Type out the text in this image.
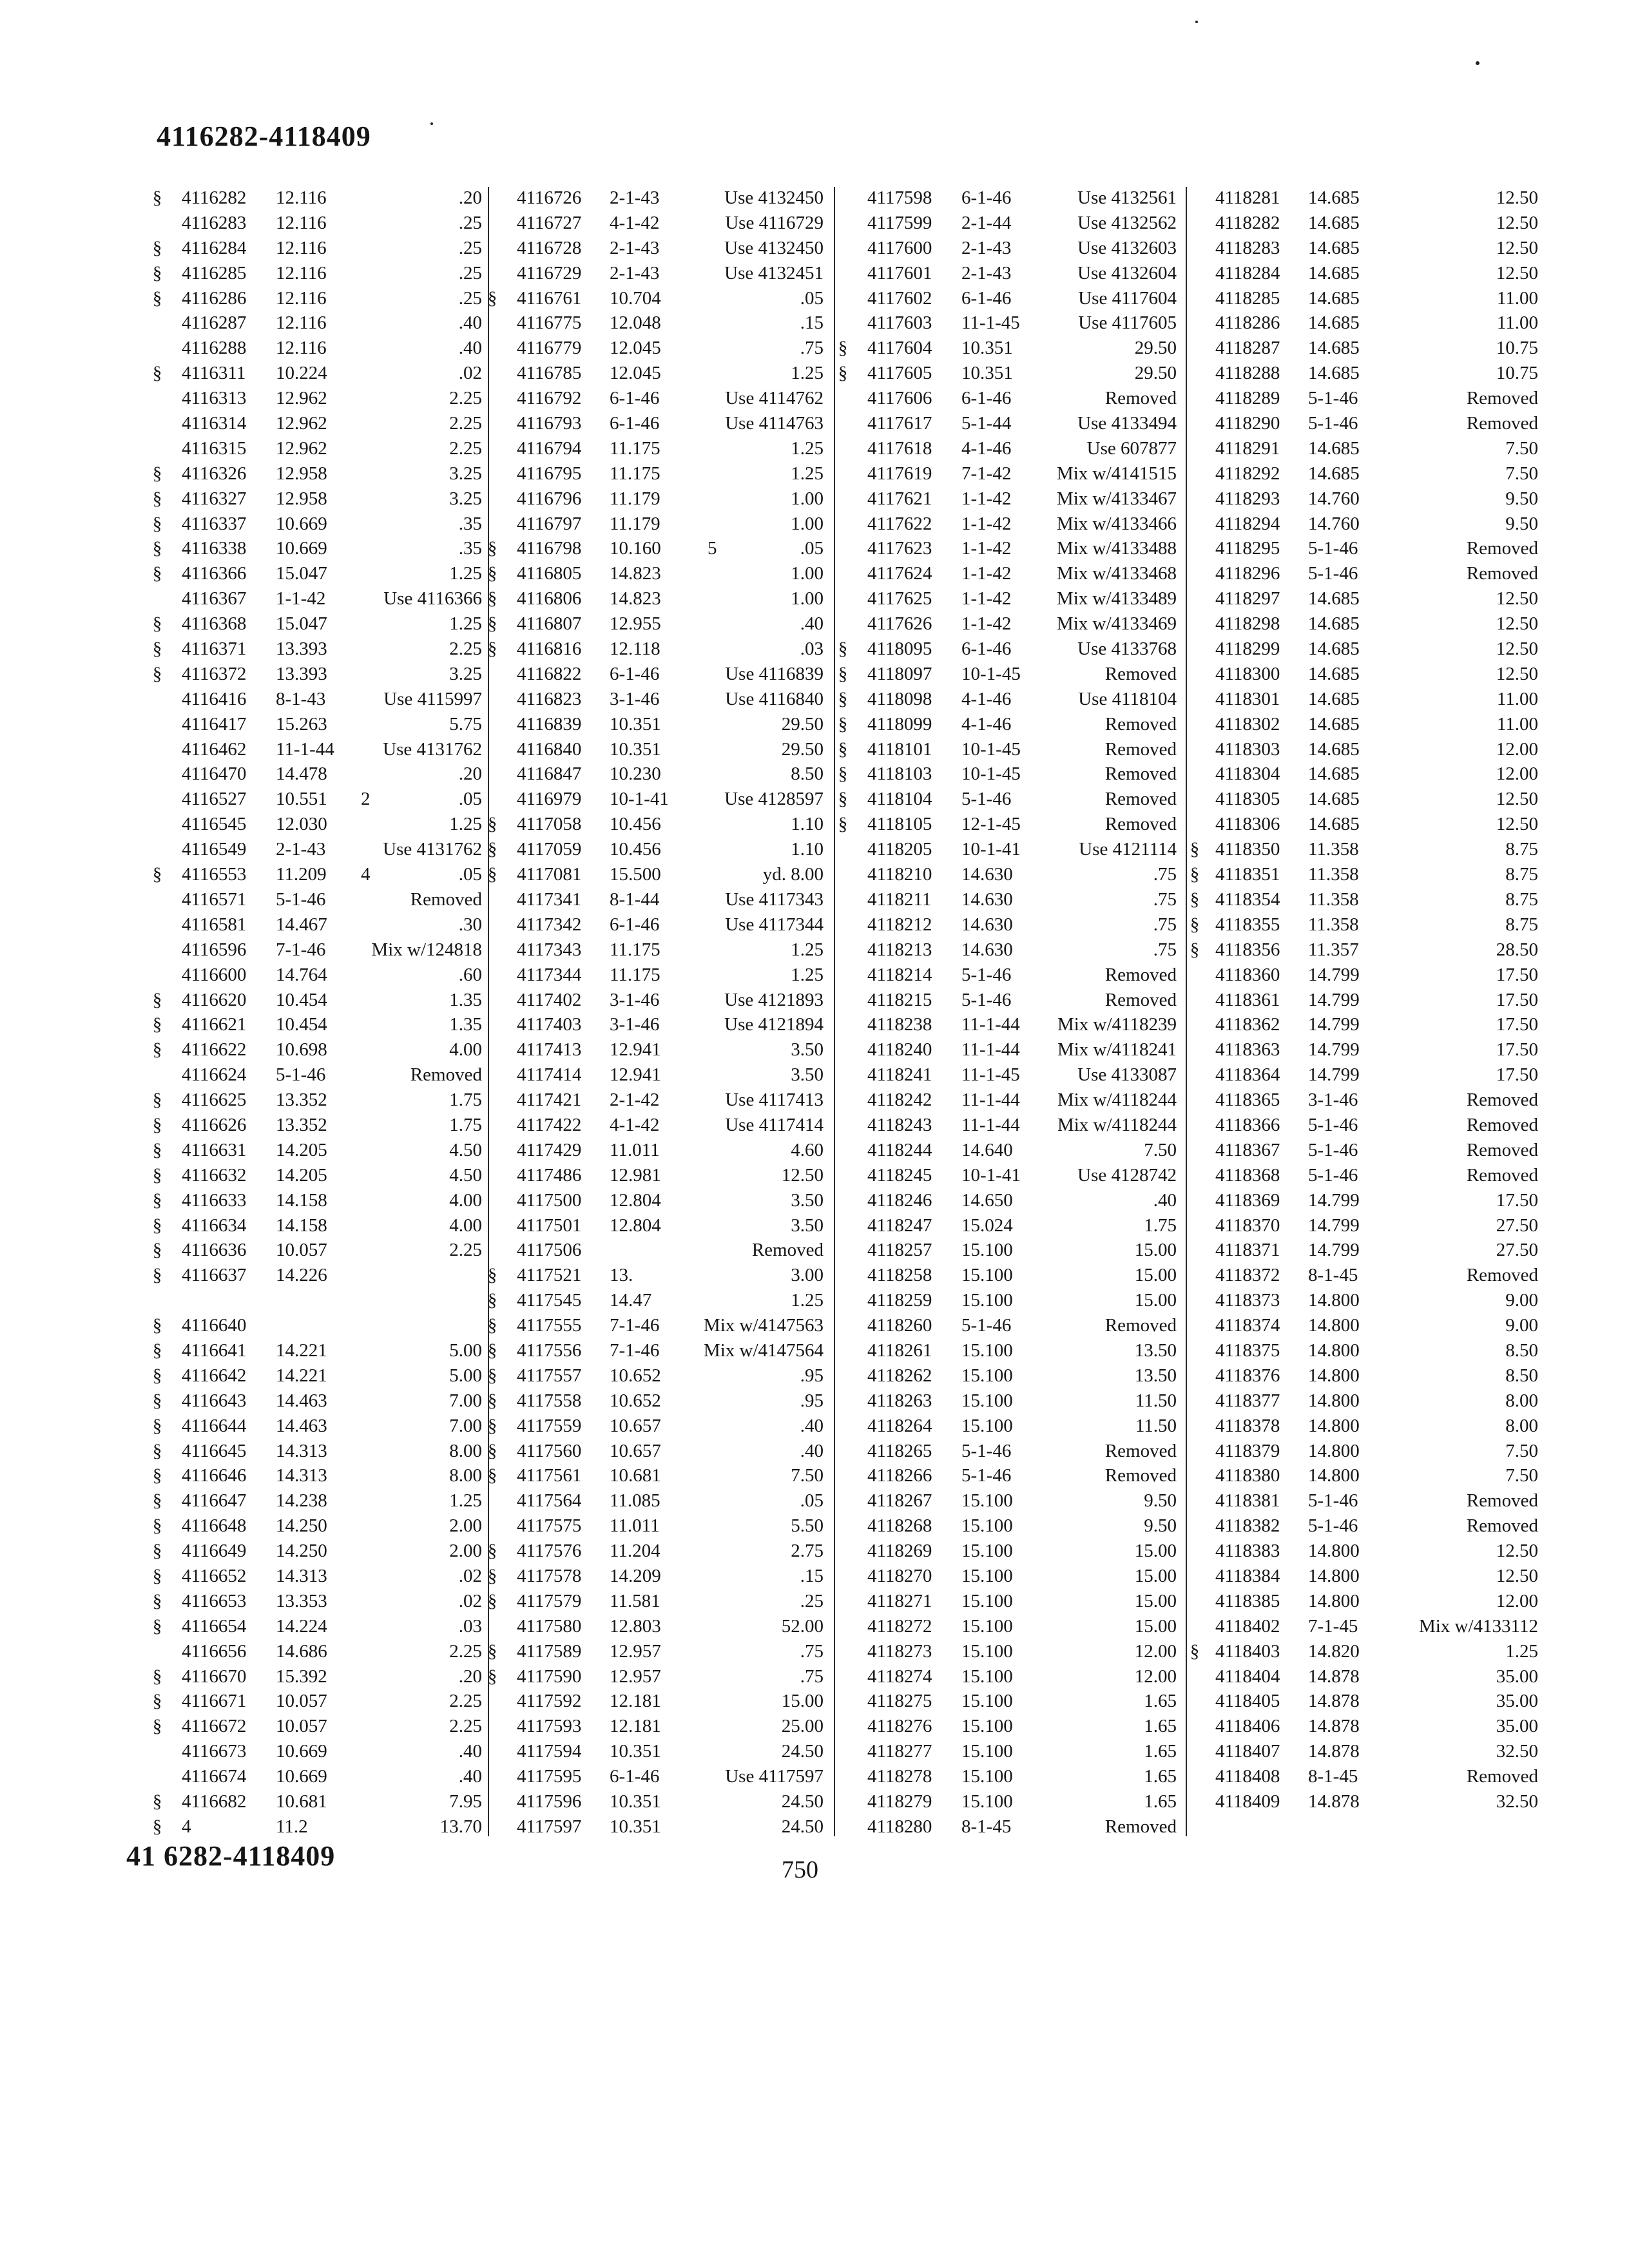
4116282-4118409
§ 4116282 12.116	.20
4116283 12.116	.25
§ 4116284 12.116	.25
§ 4116285 12.116	.25
§ 4116286 12.116	.25
4116287 12.116	.40
4116288 12.116	.40
§ 4116311 10.224	.02
4116313 12.962	2.25
4116314 12.962	2.25
4116315 12.962	2.25
§ 4116326 12.958	3.25
§ 4116327 12.958	3.25
§ 4116337 10.669	.35
§ 4116338 10.669	.35
§ 4116366 15.047	1.25
4116367 1-1-42	Use 4116366
§ 4116368 15.047	1.25
§ 4116371 13.393	2.25
§ 4116372 13.393	3.25
4116416 8-1-43	Use 4115997
4116417 15.263	5.75
4116462 11-1-44	Use 4131762
4116470 14.478	.20
4116527 10.551 2	.05
4116545 12.030	1.25
4116549 2-1-43	Use 4131762
§ 4116553 11.209 4	.05
4116571 5-1-46	Removed
4116581 14.467	.30
4116596 7-1-46 Mix w/124818
4116600 14.764	.60
§ 4116620 10.454	1.35
§ 4116621 10.454	1.35
§ 4116622 10.698	4.00
4116624 5-1-46	Removed
§ 4116625 13.352	1.75
§ 4116626 13.352	1.75
§ 4116631 14.205	4.50
§ 4116632 14.205	4.50
§ 4116633 14.158	4.00
§ 4116634 14.158	4.00
§ 4116636 10.057	2.25
§ 4116637 14.226
§ 4116640
§ 4116641 14.221	5.00
§ 4116642 14.221	5.00
§ 4116643 14.463	7.00
§ 4116644 14.463	7.00
§ 4116645 14.313	8.00
§ 4116646 14.313	8.00
§ 4116647 14.238	1.25
§ 4116648 14.250	2.00
§ 4116649 14.250	2.00
§ 4116652 14.313	.02
§ 4116653 13.353	.02
§ 4116654 14.224	.03
4116656 14.686	2.25
§ 4116670 15.392	.20
§ 4116671 10.057	2.25
§ 4116672 10.057	2.25
4116673 10.669	.40
4116674 10.669	.40
§ 4116682 10.681	7.95
§ 4	11.2	13.70
4116726 2-1-43	Use 4132450
4116727 4-1-42	Use 4116729
4116728 2-1-43	Use 4132450
4116729 2-1-43	Use 4132451
§ 4116761 10.704	.05
4116775 12.048	.15
4116779 12.045	.75
4116785 12.045	1.25
4116792 6-1-46	Use 4114762
4116793 6-1-46	Use 4114763
4116794 11.175	1.25
4116795 11.175	1.25
4116796 11.179	1.00
4116797 11.179	1.00
§ 4116798 10.160 5	.05
§ 4116805 14.823	1.00
§ 4116806 14.823	1.00
§ 4116807 12.955	.40
§ 4116816 12.118	.03
4116822 6-1-46	Use 4116839
4116823 3-1-46	Use 4116840
4116839 10.351	29.50
4116840 10.351	29.50
4116847 10.230	8.50
4116979 10-1-41	Use 4128597
§ 4117058 10.456	1.10
§ 4117059 10.456	1.10
§ 4117081 15.500	yd. 8.00
4117341 8-1-44	Use 4117343
4117342 6-1-46	Use 4117344
4117343 11.175	1.25
4117344 11.175	1.25
4117402 3-1-46	Use 4121893
4117403 3-1-46	Use 4121894
4117413 12.941	3.50
4117414 12.941	3.50
4117421 2-1-42	Use 4117413
4117422 4-1-42	Use 4117414
4117429 11.011	4.60
4117486 12.981	12.50
4117500 12.804	3.50
4117501 12.804	3.50
4117506	Removed
§ 4117521 13.	3.00
§ 4117545 14.47	1.25
§ 4117555 7-1-46 Mix w/4147563
§ 4117556 7-1-46 Mix w/4147564
§ 4117557 10.652	.95
§ 4117558 10.652	.95
§ 4117559 10.657	.40
§ 4117560 10.657	.40
§ 4117561 10.681	7.50
4117564 11.085	.05
4117575 11.011	5.50
§ 4117576 11.204	2.75
§ 4117578 14.209	.15
§ 4117579 11.581	.25
4117580 12.803	52.00
§ 4117589 12.957	.75
§ 4117590 12.957	.75
4117592 12.181	15.00
4117593 12.181	25.00
4117594 10.351	24.50
4117595 6-1-46	Use 4117597
4117596 10.351	24.50
4117597 10.351	24.50
4117598 6-1-46	Use 4132561
4117599 2-1-44	Use 4132562
4117600 2-1-43	Use 4132603
4117601 2-1-43	Use 4132604
4117602 6-1-46	Use 4117604
4117603 11-1-45	Use 4117605
§ 4117604 10.351	29.50
§ 4117605 10.351	29.50
4117606 6-1-46	Removed
4117617 5-1-44	Use 4133494
4117618 4-1-46	Use 607877
4117619 7-1-42 Mix w/4141515
4117621 1-1-42 Mix w/4133467
4117622 1-1-42 Mix w/4133466
4117623 1-1-42 Mix w/4133488
4117624 1-1-42 Mix w/4133468
4117625 1-1-42 Mix w/4133489
4117626 1-1-42 Mix w/4133469
§ 4118095 6-1-46	Use 4133768
§ 4118097 10-1-45	Removed
§ 4118098 4-1-46	Use 4118104
§ 4118099 4-1-46	Removed
§ 4118101 10-1-45	Removed
§ 4118103 10-1-45	Removed
§ 4118104 5-1-46	Removed
§ 4118105 12-1-45	Removed
4118205 10-1-41	Use 4121114
4118210 14.630	.75
4118211 14.630	.75
4118212 14.630	.75
4118213 14.630	.75
4118214 5-1-46	Removed
4118215 5-1-46	Removed
4118238 11-1-44 Mix w/4118239
4118240 11-1-44 Mix w/4118241
4118241 11-1-45	Use 4133087
4118242 11-1-44 Mix w/4118244
4118243 11-1-44 Mix w/4118244
4118244 14.640	7.50
4118245 10-1-41	Use 4128742
4118246 14.650	.40
4118247 15.024	1.75
4118257 15.100	15.00
4118258 15.100	15.00
4118259 15.100	15.00
4118260 5-1-46	Removed
4118261 15.100	13.50
4118262 15.100	13.50
4118263 15.100	11.50
4118264 15.100	11.50
4118265 5-1-46	Removed
4118266 5-1-46	Removed
4118267 15.100	9.50
4118268 15.100	9.50
4118269 15.100	15.00
4118270 15.100	15.00
4118271 15.100	15.00
4118272 15.100	15.00
4118273 15.100	12.00
4118274 15.100	12.00
4118275 15.100	1.65
4118276 15.100	1.65
4118277 15.100	1.65
4118278 15.100	1.65
4118279 15.100	1.65
4118280 8-1-45	Removed
4118281 14.685	12.50
4118282 14.685	12.50
4118283 14.685	12.50
4118284 14.685	12.50
4118285 14.685	11.00
4118286 14.685	11.00
4118287 14.685	10.75
4118288 14.685	10.75
4118289 5-1-46	Removed
4118290 5-1-46	Removed
4118291 14.685	7.50
4118292 14.685	7.50
4118293 14.760	9.50
4118294 14.760	9.50
4118295 5-1-46	Removed
4118296 5-1-46	Removed
4118297 14.685	12.50
4118298 14.685	12.50
4118299 14.685	12.50
4118300 14.685	12.50
4118301 14.685	11.00
4118302 14.685	11.00
4118303 14.685	12.00
4118304 14.685	12.00
4118305 14.685	12.50
4118306 14.685	12.50
§ 4118350 11.358	8.75
§ 4118351 11.358	8.75
§ 4118354 11.358	8.75
§ 4118355 11.358	8.75
§ 4118356 11.357	28.50
4118360 14.799	17.50
4118361 14.799	17.50
4118362 14.799	17.50
4118363 14.799	17.50
4118364 14.799	17.50
4118365 3-1-46	Removed
4118366 5-1-46	Removed
4118367 5-1-46	Removed
4118368 5-1-46	Removed
4118369 14.799	17.50
4118370 14.799	27.50
4118371 14.799	27.50
4118372 8-1-45	Removed
4118373 14.800	9.00
4118374 14.800	9.00
4118375 14.800	8.50
4118376 14.800	8.50
4118377 14.800	8.00
4118378 14.800	8.00
4118379 14.800	7.50
4118380 14.800	7.50
4118381 5-1-46	Removed
4118382 5-1-46	Removed
4118383 14.800	12.50
4118384 14.800	12.50
4118385 14.800	12.00
4118402 7-1-45	Mix w/4133112
§ 4118403 14.820	1.25
4118404 14.878	35.00
4118405 14.878	35.00
4118406 14.878	35.00
4118407 14.878	32.50
4118408 8-1-45	Removed
4118409 14.878	32.50
41 6282-4118409	750
